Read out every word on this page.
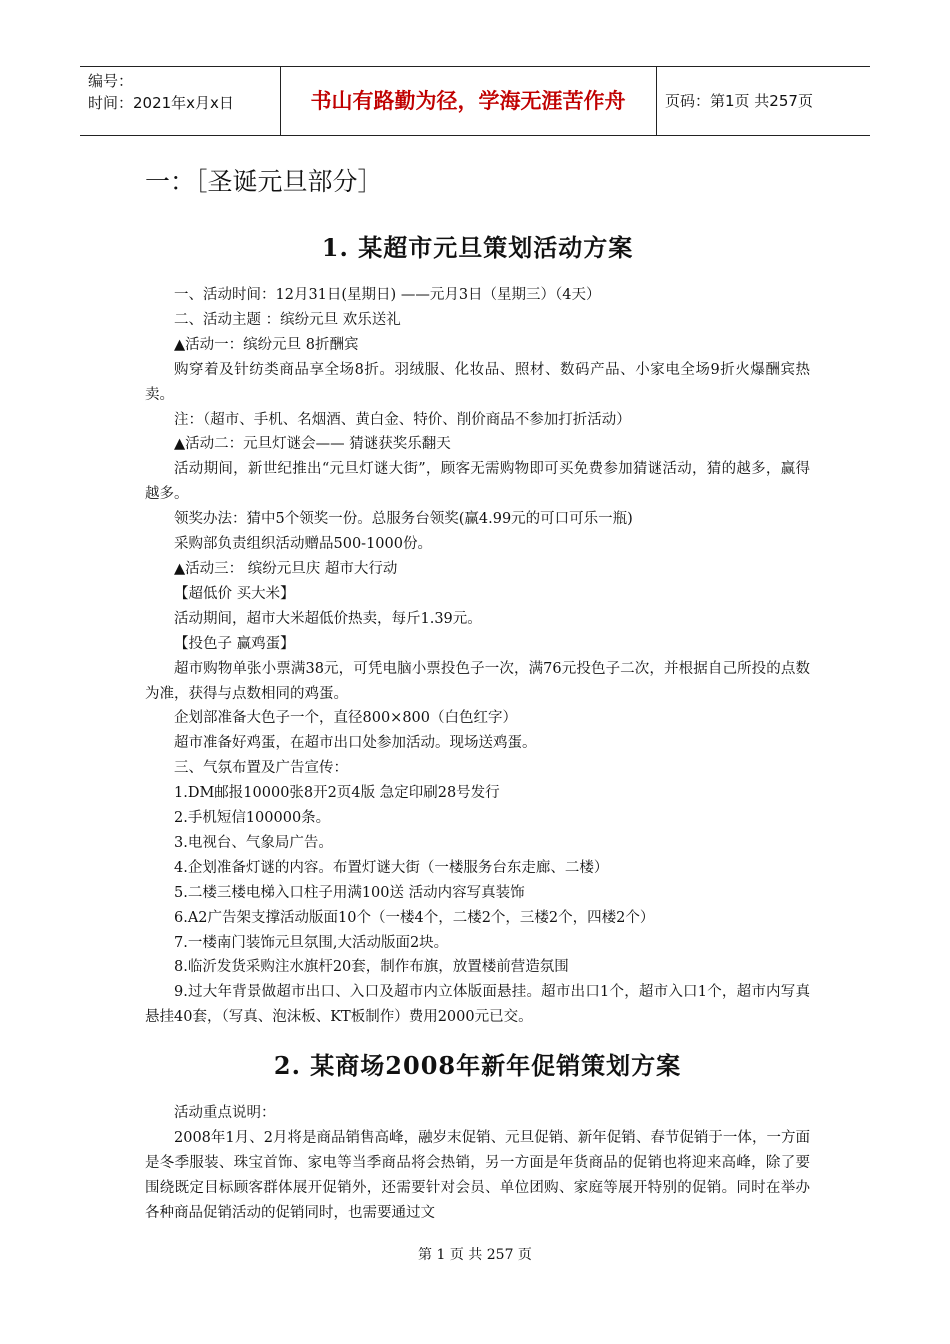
编号：
时间：2021年x月x日	书山有路勤为径，学海无涯苦作舟	页码：第1页 共257页
一：［圣诞元旦部分］
1. 某超市元旦策划活动方案

一、活动时间：12月31日(星期日) ——元月3日（星期三）（4天）

二、活动主题 ：缤纷元旦 欢乐送礼

▲活动一：缤纷元旦 8折酬宾

购穿着及针纺类商品享全场8折。羽绒服、化妆品、照材、数码产品、小家电全场9折火爆酬宾热卖。

注：（超市、手机、名烟酒、黄白金、特价、削价商品不参加打折活动）

▲活动二：元旦灯谜会—— 猜谜获奖乐翻天

活动期间，新世纪推出“元旦灯谜大街”，顾客无需购物即可买免费参加猜谜活动，猜的越多，赢得越多。

领奖办法：猜中5个领奖一份。总服务台领奖(赢4.99元的可口可乐一瓶)

采购部负责组织活动赠品500-1000份。

▲活动三： 缤纷元旦庆 超市大行动

【超低价 买大米】

活动期间，超市大米超低价热卖，每斤1.39元。

【投色子 赢鸡蛋】

超市购物单张小票满38元，可凭电脑小票投色子一次，满76元投色子二次，并根据自己所投的点数为准，获得与点数相同的鸡蛋。

企划部准备大色子一个，直径800×800（白色红字）

超市准备好鸡蛋，在超市出口处参加活动。现场送鸡蛋。

三、气氛布置及广告宣传：

1.DM邮报10000张8开2页4版 急定印刷28号发行

2.手机短信100000条。

3.电视台、气象局广告。

4.企划准备灯谜的内容。布置灯谜大街（一楼服务台东走廊、二楼）

5.二楼三楼电梯入口柱子用满100送 活动内容写真装饰

6.A2广告架支撑活动版面10个（一楼4个，二楼2个，三楼2个，四楼2个）

7.一楼南门装饰元旦氛围,大活动版面2块。

8.临沂发货采购注水旗杆20套，制作布旗，放置楼前营造氛围

9.过大年背景做超市出口、入口及超市内立体版面悬挂。超市出口1个，超市入口1个，超市内写真悬挂40套，（写真、泡沫板、KT板制作）费用2000元已交。

2. 某商场2008年新年促销策划方案

活动重点说明：

2008年1月、2月将是商品销售高峰，融岁末促销、元旦促销、新年促销、春节促销于一体，一方面是冬季服装、珠宝首饰、家电等当季商品将会热销，另一方面是年货商品的促销也将迎来高峰，除了要围绕既定目标顾客群体展开促销外，还需要针对会员、单位团购、家庭等展开特别的促销。同时在举办各种商品促销活动的促销同时，也需要通过文

第 1 页 共 257 页
